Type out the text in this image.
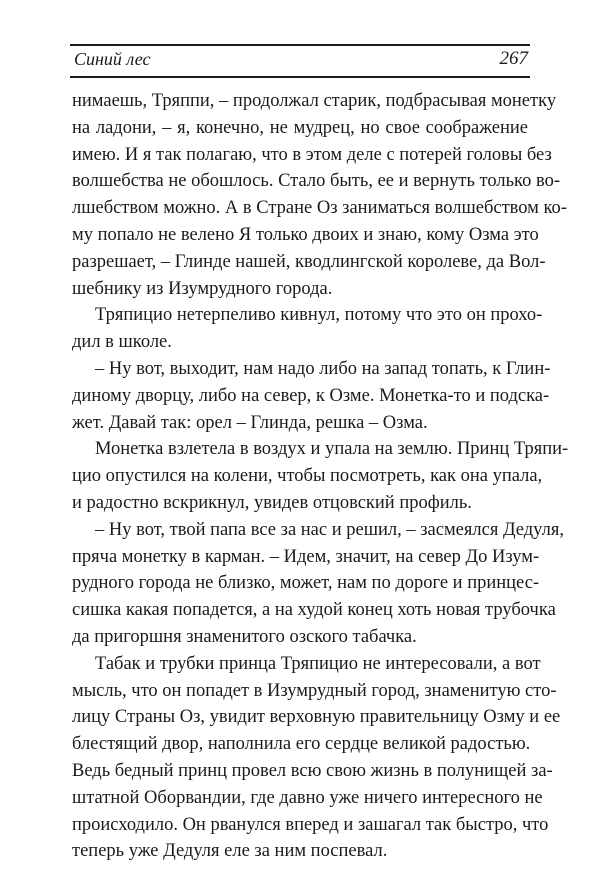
Синий лес	267
нимаешь, Тряппи, – продолжал старик, подбрасывая монетку
на ладони, – я, конечно, не мудрец, но свое соображение
имею. И я так полагаю, что в этом деле с потерей головы без
волшебства не обошлось. Стало быть, ее и вернуть только во-
лшебством можно. А в Стране Оз заниматься волшебством ко-
му попало не велено Я только двоих и знаю, кому Озма это
разрешает, – Глинде нашей, кводлингской королеве, да Вол-
шебнику из Изумрудного города.
Тряпицио нетерпеливо кивнул, потому что это он прохо-
дил в школе.
– Ну вот, выходит, нам надо либо на запад топать, к Глин-
диному дворцу, либо на север, к Озме. Монетка-то и подска-
жет. Давай так: орел – Глинда, решка – Озма.
Монетка взлетела в воздух и упала на землю. Принц Тряпи-
цио опустился на колени, чтобы посмотреть, как она упала,
и радостно вскрикнул, увидев отцовский профиль.
– Ну вот, твой папа все за нас и решил, – засмеялся Дедуля,
пряча монетку в карман. – Идем, значит, на север До Изум-
рудного города не близко, может, нам по дороге и принцес-
сишка какая попадется, а на худой конец хоть новая трубочка
да пригоршня знаменитого озского табачка.
Табак и трубки принца Тряпицио не интересовали, а вот
мысль, что он попадет в Изумрудный город, знаменитую сто-
лицу Страны Оз, увидит верховную правительницу Озму и ее
блестящий двор, наполнила его сердце великой радостью.
Ведь бедный принц провел всю свою жизнь в полунищей за-
штатной Оборвандии, где давно уже ничего интересного не
происходило. Он рванулся вперед и зашагал так быстро, что
теперь уже Дедуля еле за ним поспевал.
